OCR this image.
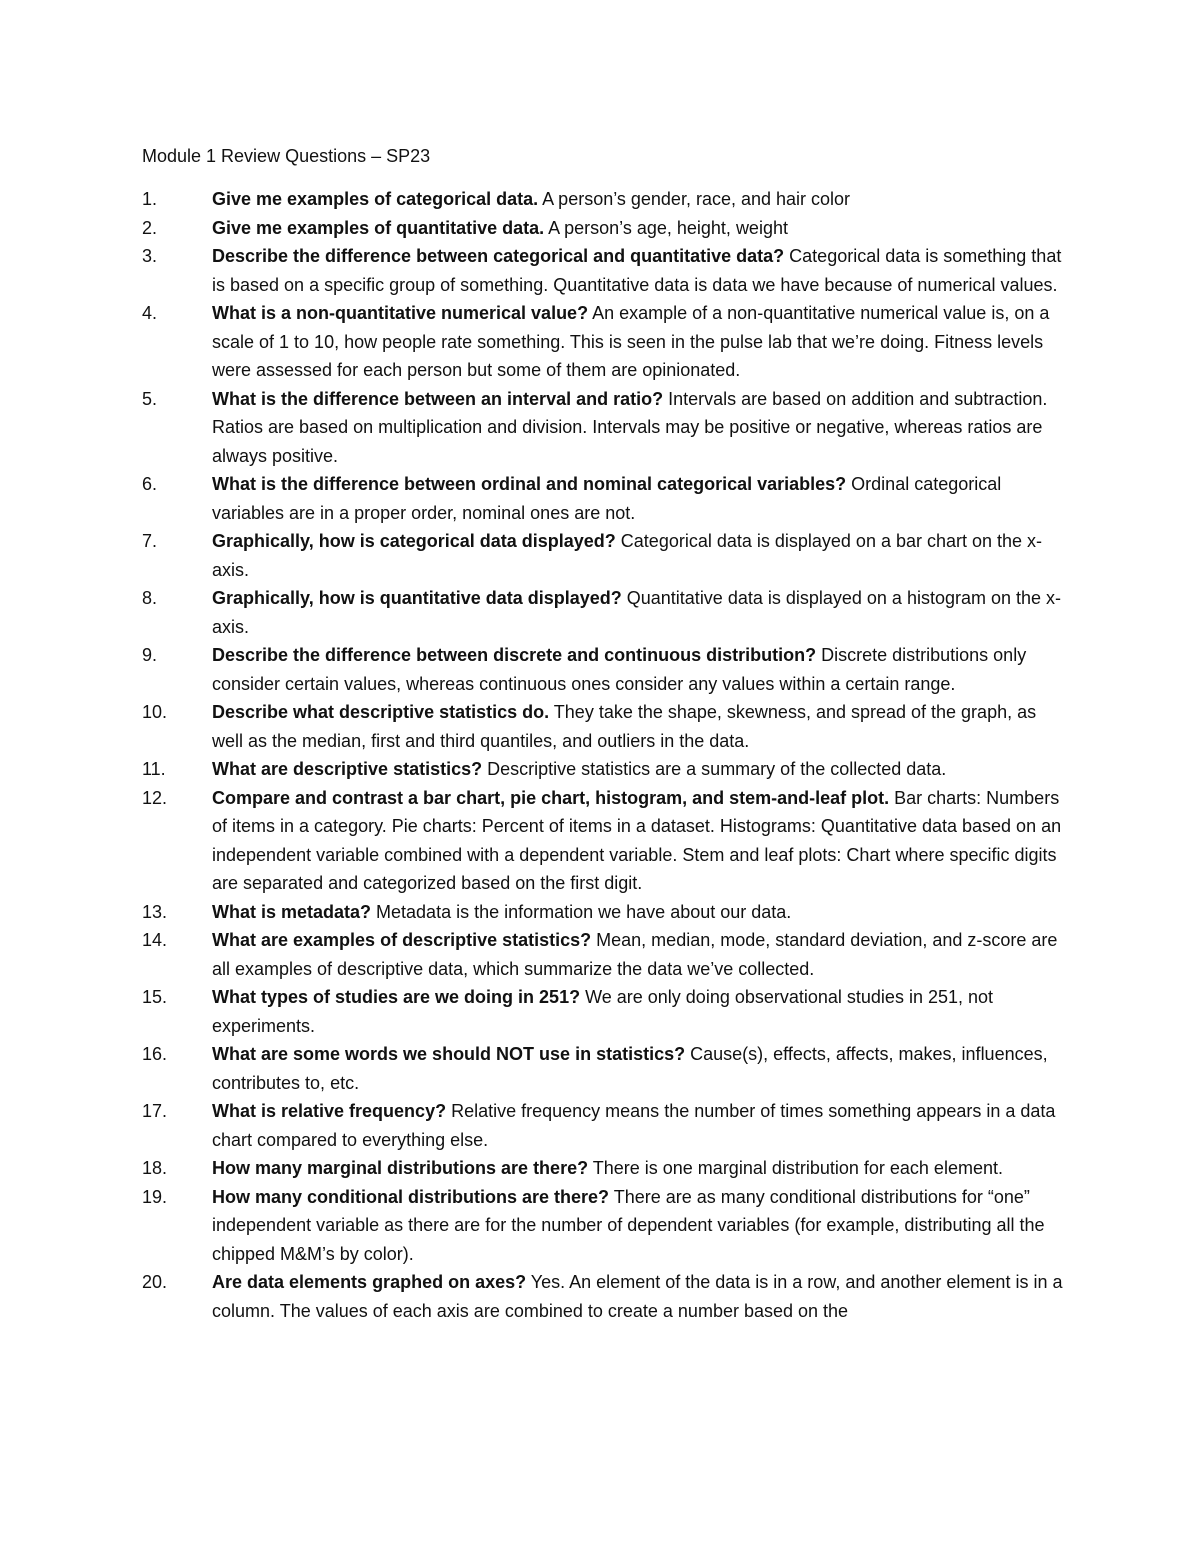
Module 1 Review Questions – SP23
1.	Give me examples of categorical data. A person’s gender, race, and hair color
2.	Give me examples of quantitative data. A person’s age, height, weight
3.	Describe the difference between categorical and quantitative data? Categorical data is something that is based on a specific group of something. Quantitative data is data we have because of numerical values.
4.	What is a non-quantitative numerical value? An example of a non-quantitative numerical value is, on a scale of 1 to 10, how people rate something. This is seen in the pulse lab that we’re doing. Fitness levels were assessed for each person but some of them are opinionated.
5.	What is the difference between an interval and ratio? Intervals are based on addition and subtraction. Ratios are based on multiplication and division. Intervals may be positive or negative, whereas ratios are always positive.
6.	What is the difference between ordinal and nominal categorical variables? Ordinal categorical variables are in a proper order, nominal ones are not.
7.	Graphically, how is categorical data displayed? Categorical data is displayed on a bar chart on the x-axis.
8.	Graphically, how is quantitative data displayed? Quantitative data is displayed on a histogram on the x-axis.
9.	Describe the difference between discrete and continuous distribution? Discrete distributions only consider certain values, whereas continuous ones consider any values within a certain range.
10.	Describe what descriptive statistics do. They take the shape, skewness, and spread of the graph, as well as the median, first and third quantiles, and outliers in the data.
11.	What are descriptive statistics? Descriptive statistics are a summary of the collected data.
12.	Compare and contrast a bar chart, pie chart, histogram, and stem-and-leaf plot. Bar charts: Numbers of items in a category. Pie charts: Percent of items in a dataset. Histograms: Quantitative data based on an independent variable combined with a dependent variable. Stem and leaf plots: Chart where specific digits are separated and categorized based on the first digit.
13.	What is metadata? Metadata is the information we have about our data.
14.	What are examples of descriptive statistics? Mean, median, mode, standard deviation, and z-score are all examples of descriptive data, which summarize the data we’ve collected.
15.	What types of studies are we doing in 251? We are only doing observational studies in 251, not experiments.
16.	What are some words we should NOT use in statistics? Cause(s), effects, affects, makes, influences, contributes to, etc.
17.	What is relative frequency? Relative frequency means the number of times something appears in a data chart compared to everything else.
18.	How many marginal distributions are there? There is one marginal distribution for each element.
19.	How many conditional distributions are there? There are as many conditional distributions for “one” independent variable as there are for the number of dependent variables (for example, distributing all the chipped M&M’s by color).
20.	Are data elements graphed on axes? Yes. An element of the data is in a row, and another element is in a column. The values of each axis are combined to create a number based on the
